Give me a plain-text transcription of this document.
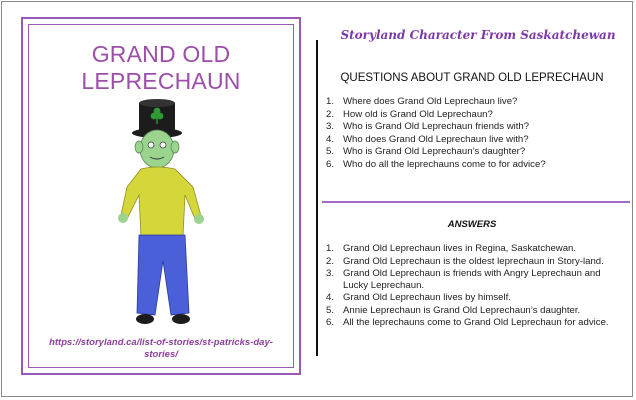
GRAND OLD LEPRECHAUN
https://storyland.ca/list-of-stories/st-patricks-day-stories/
Storyland Character From Saskatchewan
QUESTIONS ABOUT GRAND OLD LEPRECHAUN
1. Where does Grand Old Leprechaun live?
2. How old is Grand Old Leprechaun?
3. Who is Grand Old Leprechaun friends with?
4. Who does Grand Old Leprechaun live with?
5. Who is Grand Old Leprechaun’s daughter?
6. Who do all the leprechauns come to for advice?
ANSWERS
1. Grand Old Leprechaun lives in Regina, Saskatchewan.
2. Grand Old Leprechaun is the oldest leprechaun in Story-land.
3. Grand Old Leprechaun is friends with Angry Leprechaun and Lucky Leprechaun.
4. Grand Old Leprechaun lives by himself.
5. Annie Leprechaun is Grand Old Leprechaun’s daughter.
6. All the leprechauns come to Grand Old Leprechaun for advice.
